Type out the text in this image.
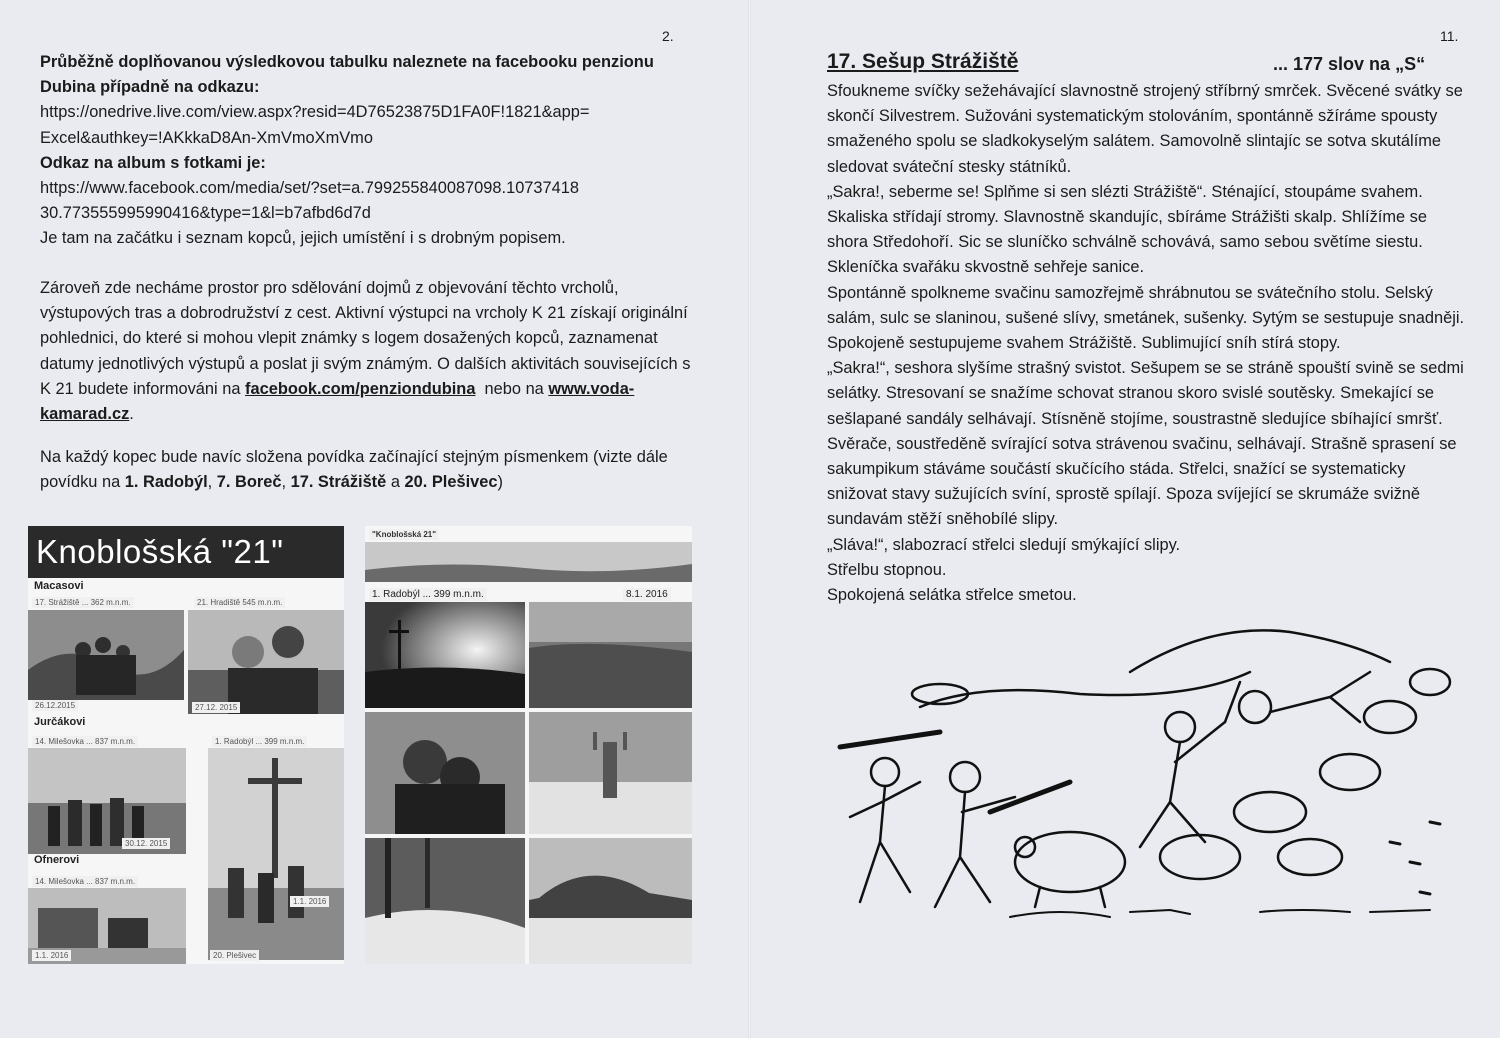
2.

Průběžně doplňovanou výsledkovou tabulku naleznete na facebooku penzionu Dubina případně na odkazu:

https://onedrive.live.com/view.aspx?resid=4D76523875D1FA0F!1821&app=

Excel&authkey=!AKkkaD8An-XmVmoXmVmo

Odkaz na album s fotkami je:

https://www.facebook.com/media/set/?set=a.799255840087098.10737418

30.773555995990416&type=1&l=b7afbd6d7d

Je tam na začátku i seznam kopců, jejich umístění i s drobným popisem.

Zároveň zde necháme prostor pro sdělování dojmů z objevování těchto vrcholů, výstupových tras a dobrodružství z cest. Aktivní výstupci na vrcholy K 21 získají originální pohlednici, do které si mohou vlepit známky s logem dosažených kopců, zaznamenat datumy jednotlivých výstupů a poslat ji svým známým. O dalších aktivitách souvisejících s K 21 budete informováni na facebook.com/penziondubina nebo na www.voda-kamarad.cz.

Na každý kopec bude navíc složena povídka začínající stejným písmenkem (vizte dále povídku na 1. Radobýl, 7. Boreč, 17. Strážiště a 20. Plešivec)

Knoblošská "21"
Macasovi
17. Strážiště ... 362 m.n.m.	21. Hradiště 545 m.n.m.
26.12.2015	27.12. 2015
Jurčákovi
14. Milešovka ... 837 m.n.m.	1. Radobýl ... 399 m.n.m.
30.12. 2015
1.1. 2016
Ofnerovi
14. Milešovka ... 837 m.n.m.
1.1. 2016	20. Plešivec
"Knoblošská 21"
1. Radobýl ... 399 m.n.m.	8.1. 2016
11.
17. Sešup Strážiště	... 177 slov na „S“

Sfoukneme svíčky sežehávající slavnostně strojený stříbrný smrček. Svěcené svátky se skončí Silvestrem. Sužováni systematickým stolováním, spontánně sžíráme spousty smaženého spolu se sladkokyselým salátem. Samovolně slintajíc se sotva skutálíme sledovat sváteční stesky státníků.

„Sakra!, seberme se! Splňme si sen slézti Strážiště“. Sténající, stoupáme svahem. Skaliska střídají stromy. Slavnostně skandujíc, sbíráme Strážišti skalp. Shlížíme se shora Středohoří. Sic se sluníčko schválně schovává, samo sebou světíme siestu. Skleníčka svařáku skvostně sehřeje sanice.

Spontánně spolkneme svačinu samozřejmě shrábnutou se svátečního stolu. Selský salám, sulc se slaninou, sušené slívy, smetánek, sušenky. Sytým se sestupuje snadněji. Spokojeně sestupujeme svahem Strážiště. Sublimující sníh stírá stopy.

„Sakra!“, seshora slyšíme strašný svistot. Sešupem se se stráně spouští svině se sedmi selátky. Stresovaní se snažíme schovat stranou skoro svislé soutěsky. Smekající se sešlapané sandály selhávají. Stísněně stojíme, soustrastně sledujíce sbíhající smršť. Svěrače, soustředěně svírající sotva strávenou svačinu, selhávají. Strašně sprasení se sakumpikum stáváme součástí skučícího stáda. Střelci, snažící se systematicky snižovat stavy sužujících svíní, sprostě spílají. Spoza svíjející se skrumáže svižně sundavám stěží sněhobílé slipy.

„Sláva!“, slabozrací střelci sledují smýkající slipy.

Střelbu stopnou.

Spokojená selátka střelce smetou.
